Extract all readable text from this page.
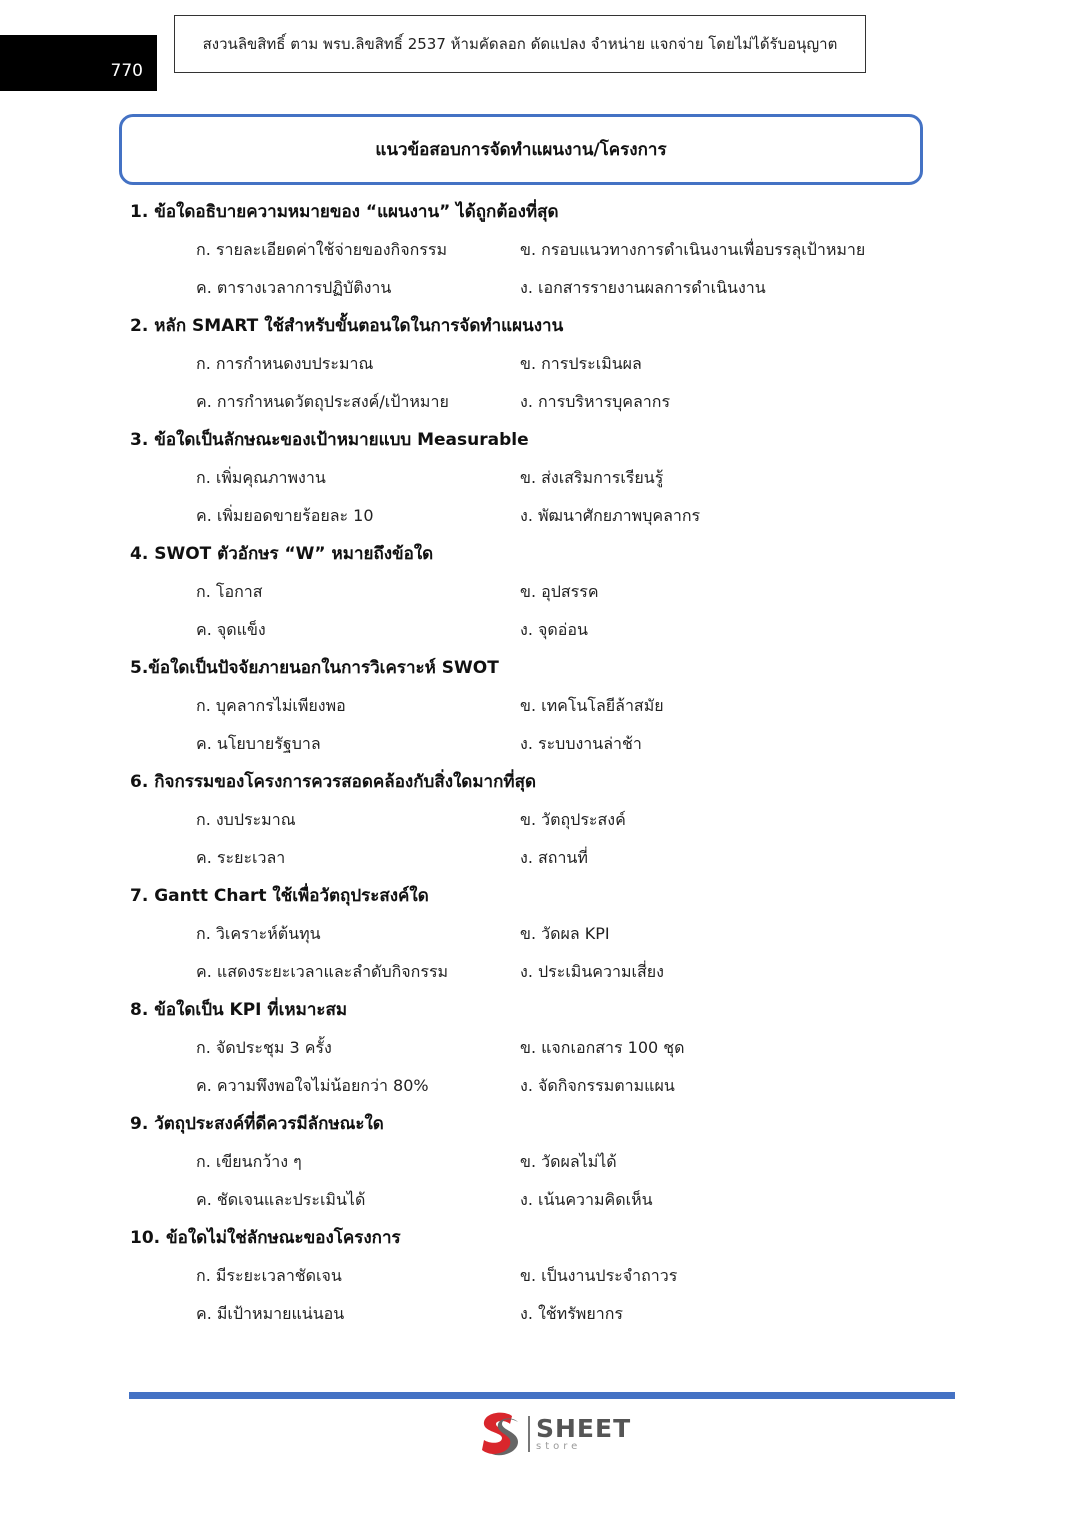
770
สงวนลิขสิทธิ์ ตาม พรบ.ลิขสิทธิ์ 2537 ห้ามคัดลอก ดัดแปลง จำหน่าย แจกจ่าย โดยไม่ได้รับอนุญาต
แนวข้อสอบการจัดทำแผนงาน/โครงการ
1. ข้อใดอธิบายความหมายของ “แผนงาน” ได้ถูกต้องที่สุด
ก. รายละเอียดค่าใช้จ่ายของกิจกรรม	ข. กรอบแนวทางการดำเนินงานเพื่อบรรลุเป้าหมาย
ค. ตารางเวลาการปฏิบัติงาน	ง. เอกสารรายงานผลการดำเนินงาน
2. หลัก SMART ใช้สำหรับขั้นตอนใดในการจัดทำแผนงาน
ก. การกำหนดงบประมาณ	ข. การประเมินผล
ค. การกำหนดวัตถุประสงค์/เป้าหมาย	ง. การบริหารบุคลากร
3. ข้อใดเป็นลักษณะของเป้าหมายแบบ Measurable
ก. เพิ่มคุณภาพงาน	ข. ส่งเสริมการเรียนรู้
ค. เพิ่มยอดขายร้อยละ 10	ง. พัฒนาศักยภาพบุคลากร
4. SWOT ตัวอักษร “W” หมายถึงข้อใด
ก. โอกาส	ข. อุปสรรค
ค. จุดแข็ง	ง. จุดอ่อน
5.ข้อใดเป็นปัจจัยภายนอกในการวิเคราะห์ SWOT
ก. บุคลากรไม่เพียงพอ	ข. เทคโนโลยีล้าสมัย
ค. นโยบายรัฐบาล	ง. ระบบงานล่าช้า
6. กิจกรรมของโครงการควรสอดคล้องกับสิ่งใดมากที่สุด
ก. งบประมาณ	ข. วัตถุประสงค์
ค. ระยะเวลา	ง. สถานที่
7. Gantt Chart ใช้เพื่อวัตถุประสงค์ใด
ก. วิเคราะห์ต้นทุน	ข. วัดผล KPI
ค. แสดงระยะเวลาและลำดับกิจกรรม	ง. ประเมินความเสี่ยง
8. ข้อใดเป็น KPI ที่เหมาะสม
ก. จัดประชุม 3 ครั้ง	ข. แจกเอกสาร 100 ชุด
ค. ความพึงพอใจไม่น้อยกว่า 80%	ง. จัดกิจกรรมตามแผน
9. วัตถุประสงค์ที่ดีควรมีลักษณะใด
ก. เขียนกว้าง ๆ	ข. วัดผลไม่ได้
ค. ชัดเจนและประเมินได้	ง. เน้นความคิดเห็น
10. ข้อใดไม่ใช่ลักษณะของโครงการ
ก. มีระยะเวลาชัดเจน	ข. เป็นงานประจำถาวร
ค. มีเป้าหมายแน่นอน	ง. ใช้ทรัพยากร
SHEET
store
